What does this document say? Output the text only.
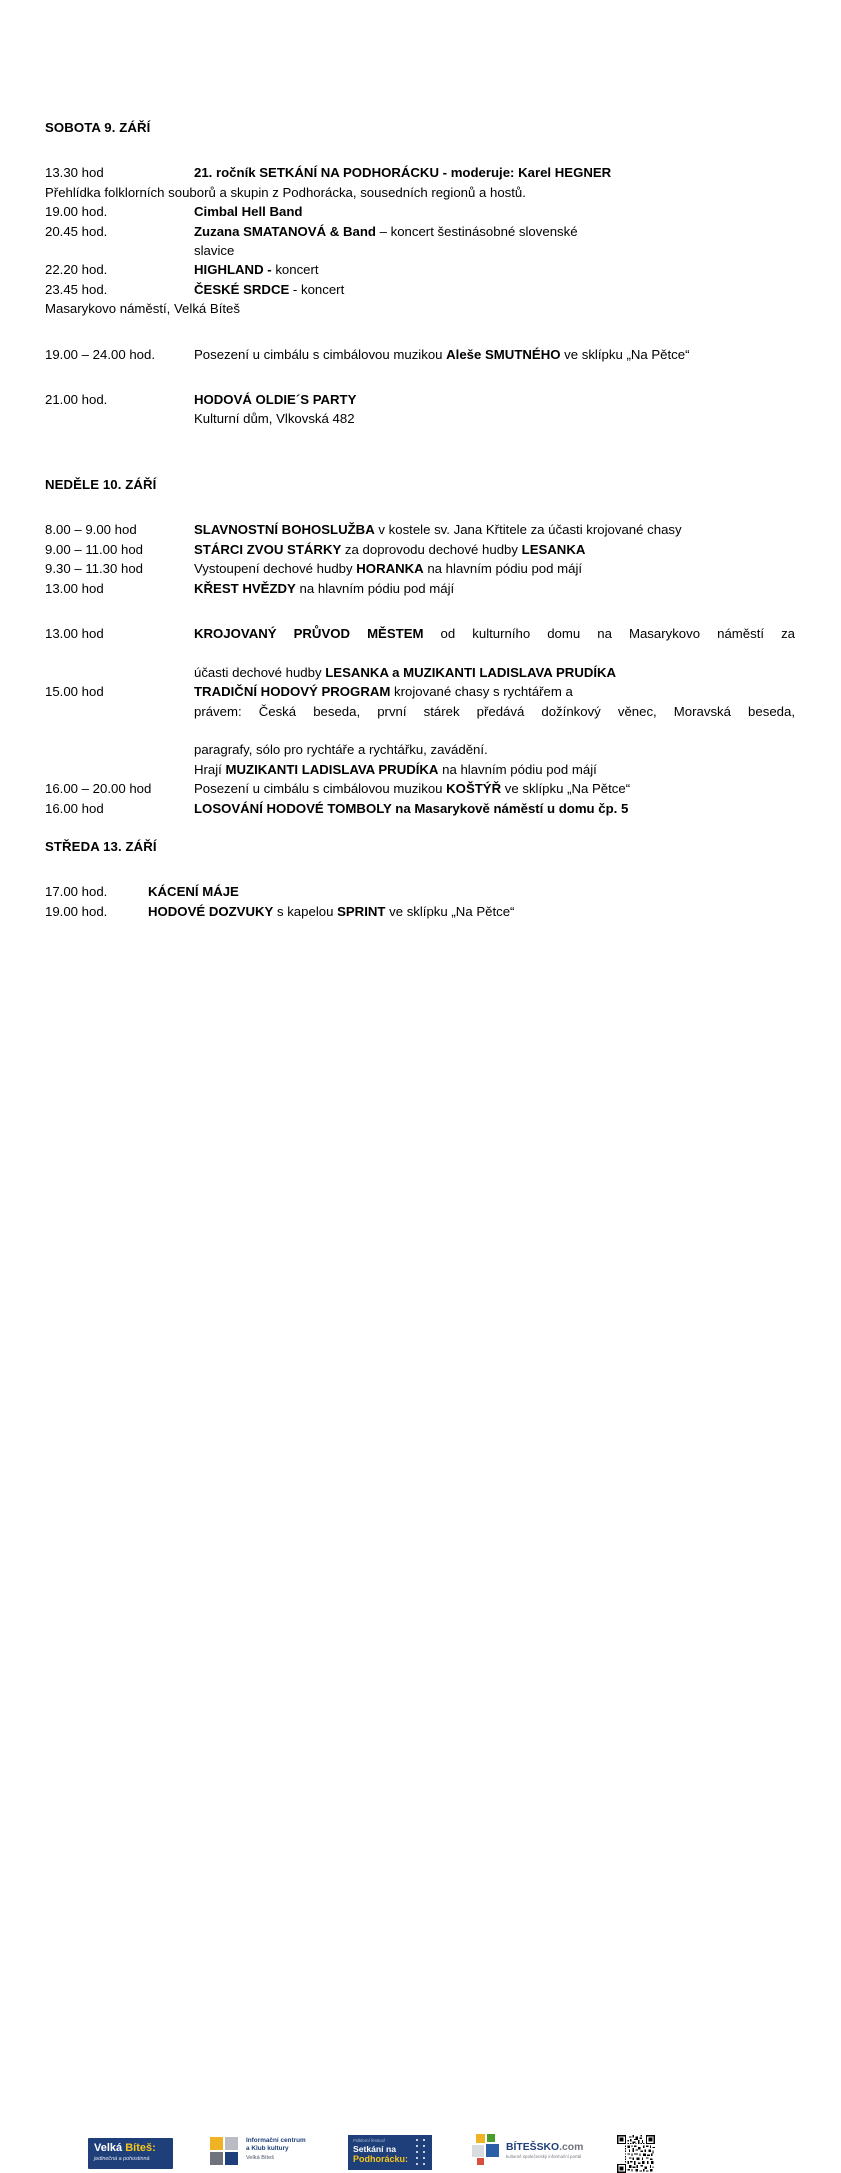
SOBOTA 9. ZÁŘÍ
13.30 hod	21. ročník SETKÁNÍ NA PODHORÁCKU - moderuje: Karel HEGNER
Přehlídka folklorních souborů a skupin z Podhorácka, sousedních regionů a hostů.
19.00 hod.	Cimbal Hell Band
20.45 hod.	Zuzana SMATANOVÁ & Band – koncert šestinásobné slovenské
slavice
22.20 hod.	HIGHLAND - koncert
23.45 hod.	ČESKÉ SRDCE - koncert
Masarykovo náměstí, Velká Bíteš
19.00 – 24.00 hod.	Posezení u cimbálu s cimbálovou muzikou Aleše SMUTNÉHO ve sklípku „Na Pětce“
21.00 hod.	HODOVÁ OLDIE´S PARTY
Kulturní dům, Vlkovská 482
NEDĚLE 10. ZÁŘÍ
8.00 – 9.00 hod	SLAVNOSTNÍ BOHOSLUŽBA v kostele sv. Jana Křtitele za účasti krojované chasy
9.00 – 11.00 hod	STÁRCI ZVOU STÁRKY za doprovodu dechové hudby LESANKA
9.30 – 11.30 hod	Vystoupení dechové hudby HORANKA na hlavním pódiu pod májí
13.00 hod	KŘEST HVĚZDY na hlavním pódiu pod májí
13.00 hod	KROJOVANÝ PRŮVOD MĚSTEM od kulturního domu na Masarykovo náměstí za
účasti dechové hudby LESANKA a MUZIKANTI LADISLAVA PRUDÍKA
15.00 hod	TRADIČNÍ HODOVÝ PROGRAM krojované chasy s rychtářem a
právem: Česká beseda, první stárek předává dožínkový věnec, Moravská beseda,
paragrafy, sólo pro rychtáře a rychtářku, zavádění.
Hrají MUZIKANTI LADISLAVA PRUDÍKA na hlavním pódiu pod májí
16.00 – 20.00 hod	Posezení u cimbálu s cimbálovou muzikou KOŠTÝŘ ve sklípku „Na Pětce“
16.00 hod	LOSOVÁNÍ HODOVÉ TOMBOLY na Masarykově náměstí u domu čp. 5
STŘEDA 13. ZÁŘÍ
17.00 hod.	KÁCENÍ MÁJE
19.00 hod.	HODOVÉ DOZVUKY s kapelou SPRINT ve sklípku „Na Pětce“
Velká Bíteš:
jedinečná a pohostinná
Informační centrum
a Klub kultury
Velká Bíteš
Folklorní festival
Setkání na
Podhorácku:
BÍTEŠSKO.com
kulturně společenský informační portál
